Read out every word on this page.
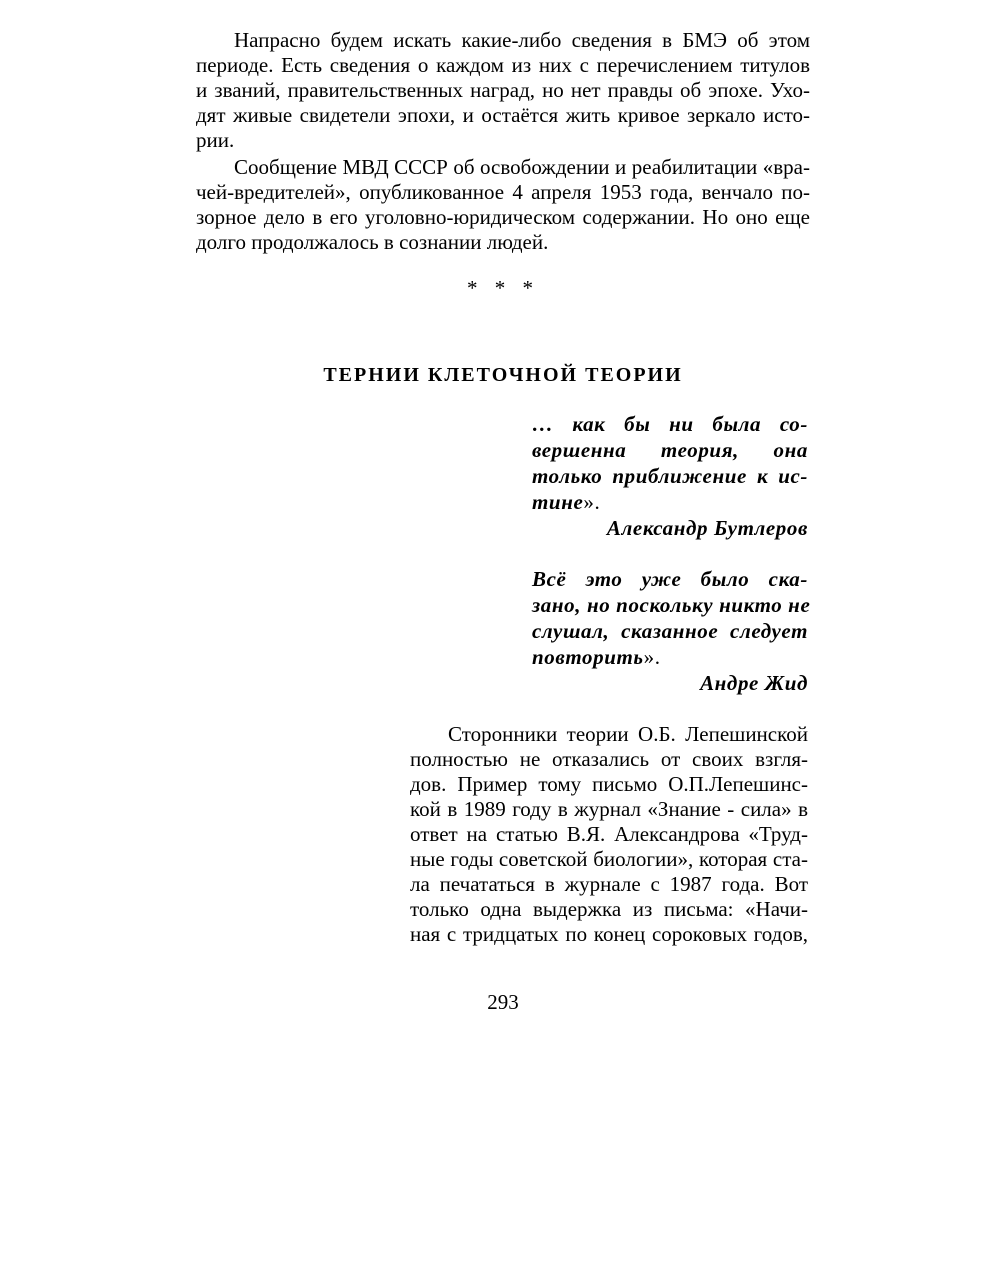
Напрасно будем искать какие-либо сведения в БМЭ об этом

периоде. Есть сведения о каждом из них с перечислением титулов

и званий, правительственных наград, но нет правды об эпохе. Ухо-

дят живые свидетели эпохи, и остаётся жить кривое зеркало исто-

рии.

Сообщение МВД СССР об освобождении и реабилитации «вра-

чей-вредителей», опубликованное 4 апреля 1953 года, венчало по-

зорное дело в его уголовно-юридическом содержании. Но оно еще

долго продолжалось в сознании людей.

* * *

ТЕРНИИ КЛЕТОЧНОЙ ТЕОРИИ

… как бы ни была со-

вершенна теория, она

только приближение к ис-

тине».

Александр Бутлеров

Всё это уже было ска-

зано, но поскольку никто не

слушал, сказанное следует

повторить».

Андре Жид

Сторонники теории О.Б. Лепешинской

полностью не отказались от своих взгля-

дов. Пример тому письмо О.П.Лепешинс-

кой в 1989 году в журнал «Знание - сила» в

ответ на статью В.Я. Александрова «Труд-

ные годы советской биологии», которая ста-

ла печататься в журнале с 1987 года. Вот

только одна выдержка из письма: «Начи-

ная с тридцатых по конец сороковых годов,

293
